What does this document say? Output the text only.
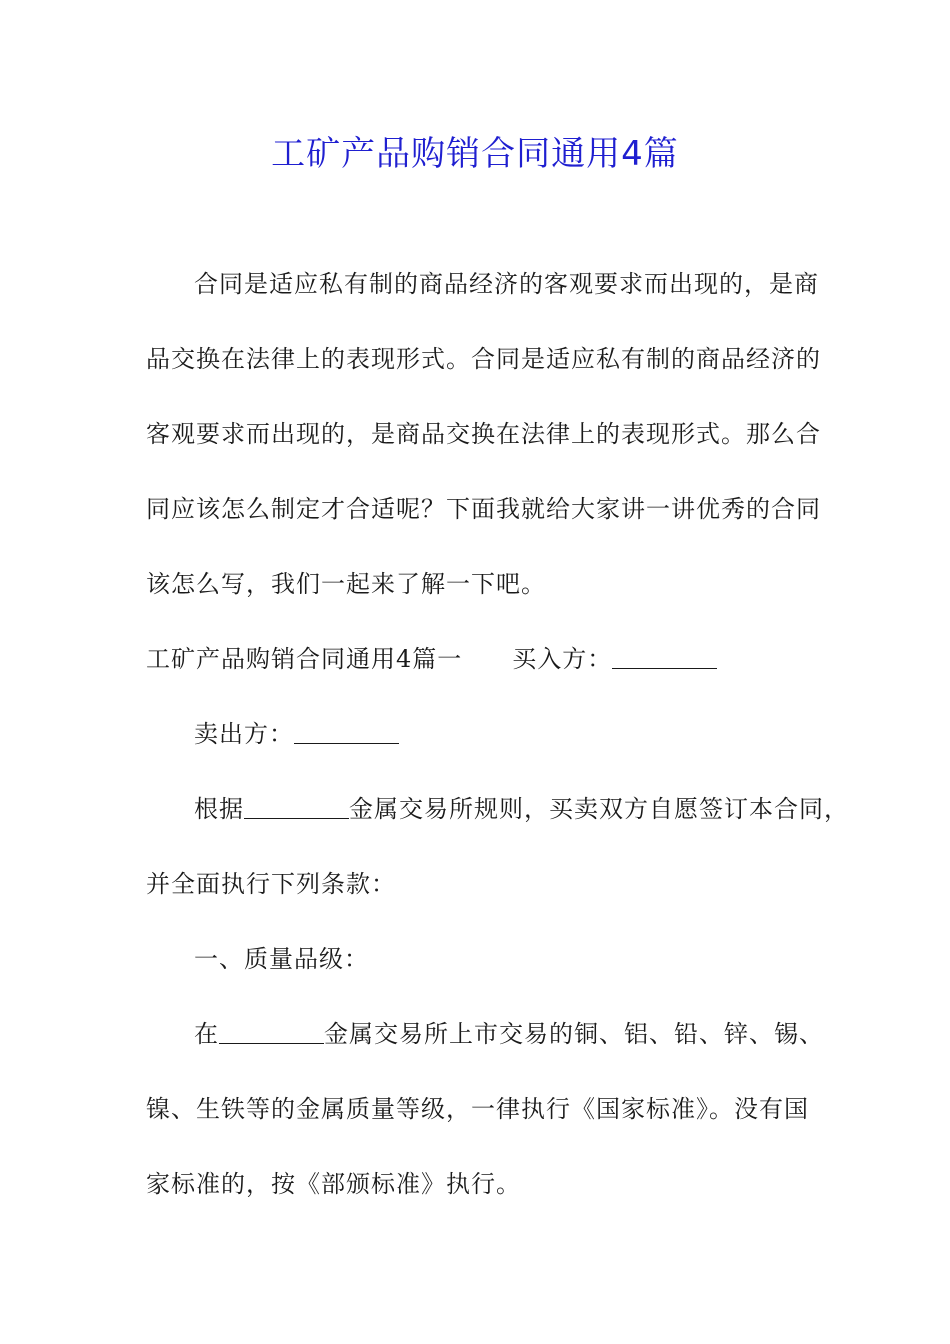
工矿产品购销合同通用4篇
合同是适应私有制的商品经济的客观要求而出现的，是商
品交换在法律上的表现形式。合同是适应私有制的商品经济的
客观要求而出现的，是商品交换在法律上的表现形式。那么合
同应该怎么制定才合适呢？下面我就给大家讲一讲优秀的合同
该怎么写，我们一起来了解一下吧。
工矿产品购销合同通用4篇一 买入方：
卖出方：
根据	金属交易所规则，买卖双方自愿签订本合同，
并全面执行下列条款：
一、质量品级：
在	金属交易所上市交易的铜、铝、铅、锌、锡、
镍、生铁等的金属质量等级，一律执行《国家标准》。没有国
家标准的，按《部颁标准》执行。
